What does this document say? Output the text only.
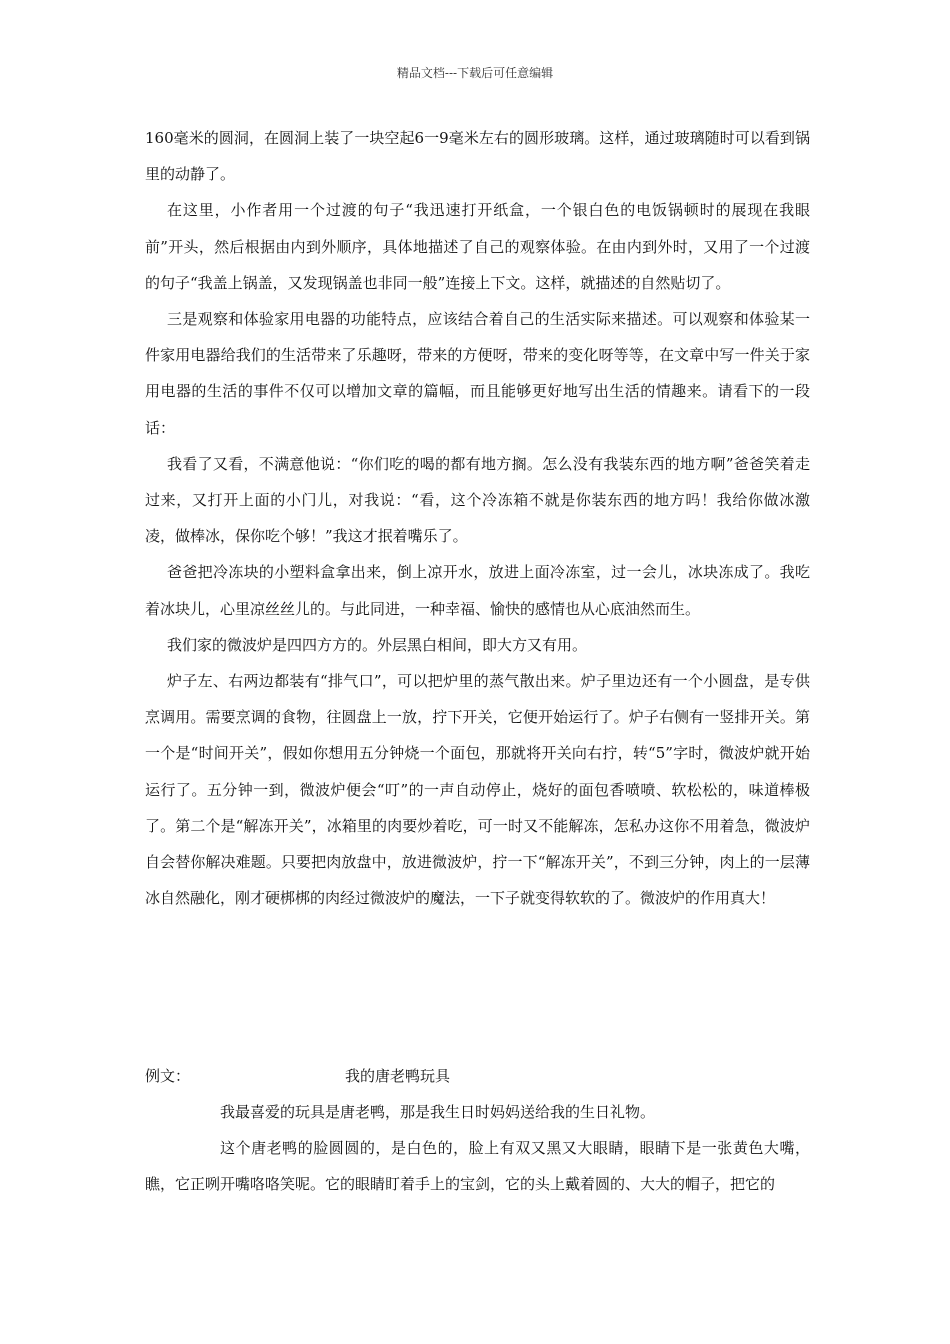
精品文档---下载后可任意编辑

160毫米的圆洞，在圆洞上装了一块空起6一9毫米左右的圆形玻璃。这样，通过玻璃随时可以看到锅里的动静了。

在这里，小作者用一个过渡的句子“我迅速打开纸盒，一个银白色的电饭锅顿时的展现在我眼前”开头，然后根据由内到外顺序，具体地描述了自己的观察体验。在由内到外时，又用了一个过渡的句子“我盖上锅盖，又发现锅盖也非同一般”连接上下文。这样，就描述的自然贴切了。

三是观察和体验家用电器的功能特点，应该结合着自己的生活实际来描述。可以观察和体验某一件家用电器给我们的生活带来了乐趣呀，带来的方便呀，带来的变化呀等等，在文章中写一件关于家用电器的生活的事件不仅可以增加文章的篇幅，而且能够更好地写出生活的情趣来。请看下的一段话：

我看了又看，不满意他说：“你们吃的喝的都有地方搁。怎么没有我装东西的地方啊”爸爸笑着走过来，又打开上面的小门儿，对我说：“看，这个冷冻箱不就是你装东西的地方吗！我给你做冰激凌，做棒冰，保你吃个够！”我这才抿着嘴乐了。

爸爸把冷冻块的小塑料盒拿出来，倒上凉开水，放进上面冷冻室，过一会儿，冰块冻成了。我吃着冰块儿，心里凉丝丝儿的。与此同进，一种幸福、愉快的感情也从心底油然而生。

我们家的微波炉是四四方方的。外层黑白相间，即大方又有用。

炉子左、右两边都装有“排气口”，可以把炉里的蒸气散出来。炉子里边还有一个小圆盘，是专供烹调用。需要烹调的食物，往圆盘上一放，拧下开关，它便开始运行了。炉子右侧有一竖排开关。第一个是“时间开关”，假如你想用五分钟烧一个面包，那就将开关向右拧，转“5”字时，微波炉就开始运行了。五分钟一到，微波炉便会“叮”的一声自动停止，烧好的面包香喷喷、软松松的，味道棒极了。第二个是“解冻开关”，冰箱里的肉要炒着吃，可一时又不能解冻，怎私办这你不用着急，微波炉自会替你解决难题。只要把肉放盘中，放进微波炉，拧一下“解冻开关”，不到三分钟，肉上的一层薄冰自然融化，刚才硬梆梆的肉经过微波炉的魔法，一下子就变得软软的了。微波炉的作用真大！

例文：	我的唐老鸭玩具

我最喜爱的玩具是唐老鸭，那是我生日时妈妈送给我的生日礼物。

这个唐老鸭的脸圆圆的，是白色的，脸上有双又黑又大眼睛，眼睛下是一张黄色大嘴，瞧，它正咧开嘴咯咯笑呢。它的眼睛盯着手上的宝剑，它的头上戴着圆的、大大的帽子，把它的
